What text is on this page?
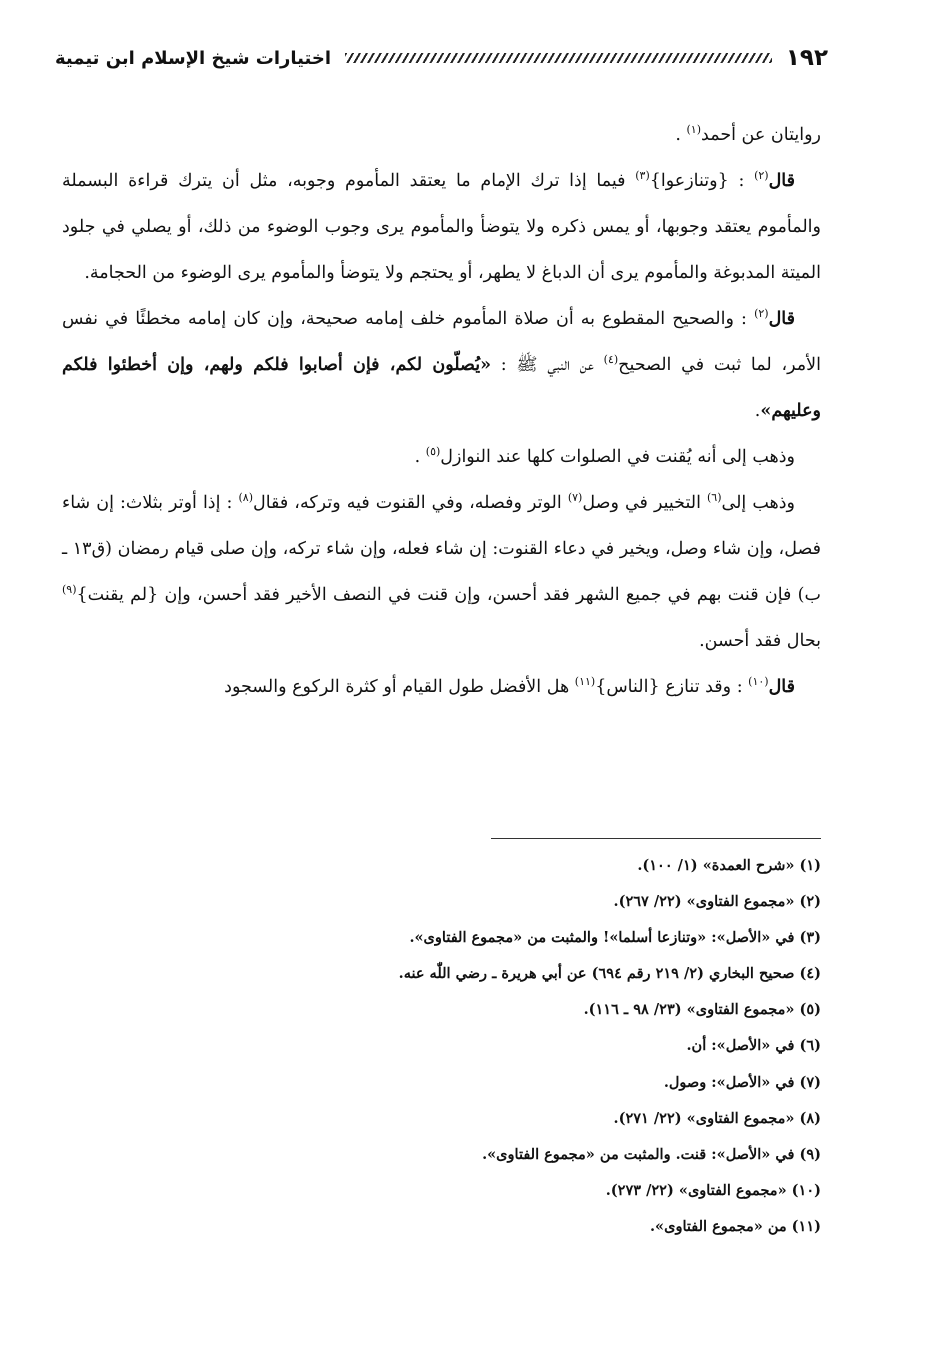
١٩٢
اختيارات شيخ الإسلام ابن تيمية

روايتان عن أحمد$^{(١)}$ .

قال$^{(٢)}$ : {وتنازعوا}$^{(٣)}$ فيما إذا ترك الإمام ما يعتقد المأموم وجوبه، مثل أن يترك قراءة البسملة والمأموم يعتقد وجوبها، أو يمس ذكره ولا يتوضأ والمأموم يرى وجوب الوضوء من ذلك، أو يصلي في جلود الميتة المدبوغة والمأموم يرى أن الدباغ لا يطهر، أو يحتجم ولا يتوضأ والمأموم يرى الوضوء من الحجامة.

قال$^{(٢)}$ : والصحيح المقطوع به أن صلاة المأموم خلف إمامه صحيحة، وإن كان إمامه مخطئًا في نفس الأمر، لما ثبت في الصحيح$^{(٤)}$ عن النبي ﷺ : «يُصلّون لكم، فإن أصابوا فلكم ولهم، وإن أخطئوا فلكم وعليهم».

وذهب إلى أنه يُقنت في الصلوات كلها عند النوازل$^{(٥)}$ .

وذهب إلى$^{(٦)}$ التخيير في وصل$^{(٧)}$ الوتر وفصله، وفي القنوت فيه وتركه، فقال$^{(٨)}$ : إذا أوتر بثلاث: إن شاء فصل، وإن شاء وصل، ويخير في دعاء القنوت: إن شاء فعله، وإن شاء تركه، وإن صلى قيام رمضان (ق١٣ ـ ب) فإن قنت بهم في جميع الشهر فقد أحسن، وإن قنت في النصف الأخير فقد أحسن، وإن {لم يقنت}$^{(٩)}$ بحال فقد أحسن.

قال$^{(١٠)}$ : وقد تنازع {الناس}$^{(١١)}$ هل الأفضل طول القيام أو كثرة الركوع والسجود

(١) «شرح العمدة» (١/ ١٠٠).
(٢) «مجموع الفتاوى» (٢٢/ ٢٦٧).
(٣) في «الأصل»: «وتنازعا أسلما»! والمثبت من «مجموع الفتاوى».
(٤) صحيح البخاري (٢/ ٢١٩ رقم ٦٩٤) عن أبي هريرة ـ رضي اللّٰه عنه.
(٥) «مجموع الفتاوى» (٢٣/ ٩٨ ـ ١١٦).
(٦) في «الأصل»: أن.
(٧) في «الأصل»: وصول.
(٨) «مجموع الفتاوى» (٢٢/ ٢٧١).
(٩) في «الأصل»: قنت. والمثبت من «مجموع الفتاوى».
(١٠) «مجموع الفتاوى» (٢٢/ ٢٧٣).
(١١) من «مجموع الفتاوى».
